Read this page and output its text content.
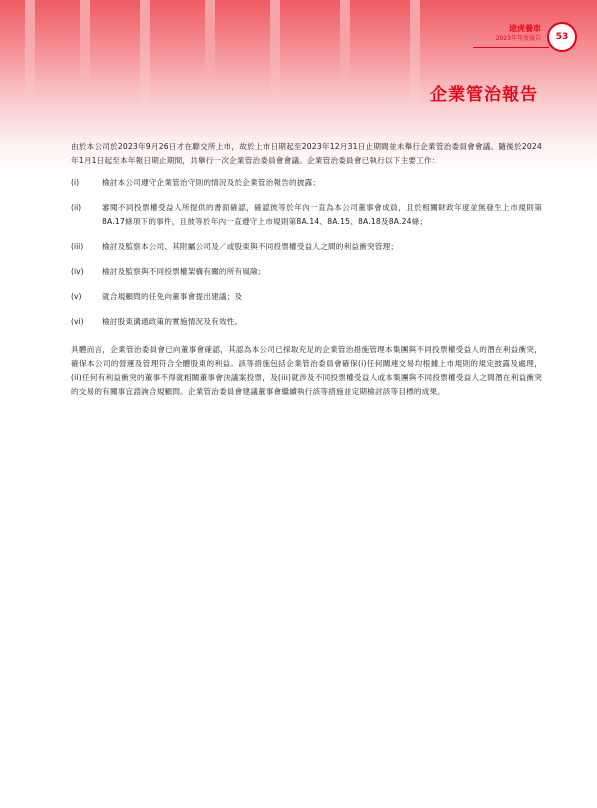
途虎養車
2023年年度報告	53
企業管治報告

由於本公司於2023年9月26日才在聯交所上市，故於上市日期起至2023年12月31日止期間並未舉行企業管治委員會會議。隨後於2024年1月1日起至本年報日期止期間，共舉行一次企業管治委員會會議。企業管治委員會已執行以下主要工作：

(i)	檢討本公司遵守企業管治守則的情況及於企業管治報告的披露；
(ii)	審閱不同投票權受益人所提供的書面確認，確認彼等於年內一直為本公司董事會成員，且於相關財政年度並無發生上市規則第8A.17條項下的事件，且彼等於年內一直遵守上市規則第8A.14、8A.15、8A.18及8A.24條；
(iii)	檢討及監察本公司、其附屬公司及／或股東與不同投票權受益人之間的利益衝突管理；
(iv)	檢討及監察與不同投票權架構有關的所有風險；
(v)	就合規顧問的任免向董事會提出建議；及
(vi)	檢討股東溝通政策的實施情況及有效性。

具體而言，企業管治委員會已向董事會確認，其認為本公司已採取充足的企業管治措施管理本集團與不同投票權受益人的潛在利益衝突，確保本公司的營運及管理符合全體股東的利益。該等措施包括企業管治委員會確保(i)任何關連交易均根據上市規則的規定披露及處理，(ii)任何有利益衝突的董事不得就相關董事會決議案投票，及(iii)就涉及不同投票權受益人或本集團與不同投票權受益人之間潛在利益衝突的交易的有關事宜諮詢合規顧問。企業管治委員會建議董事會繼續執行該等措施並定期檢討該等目標的成果。
